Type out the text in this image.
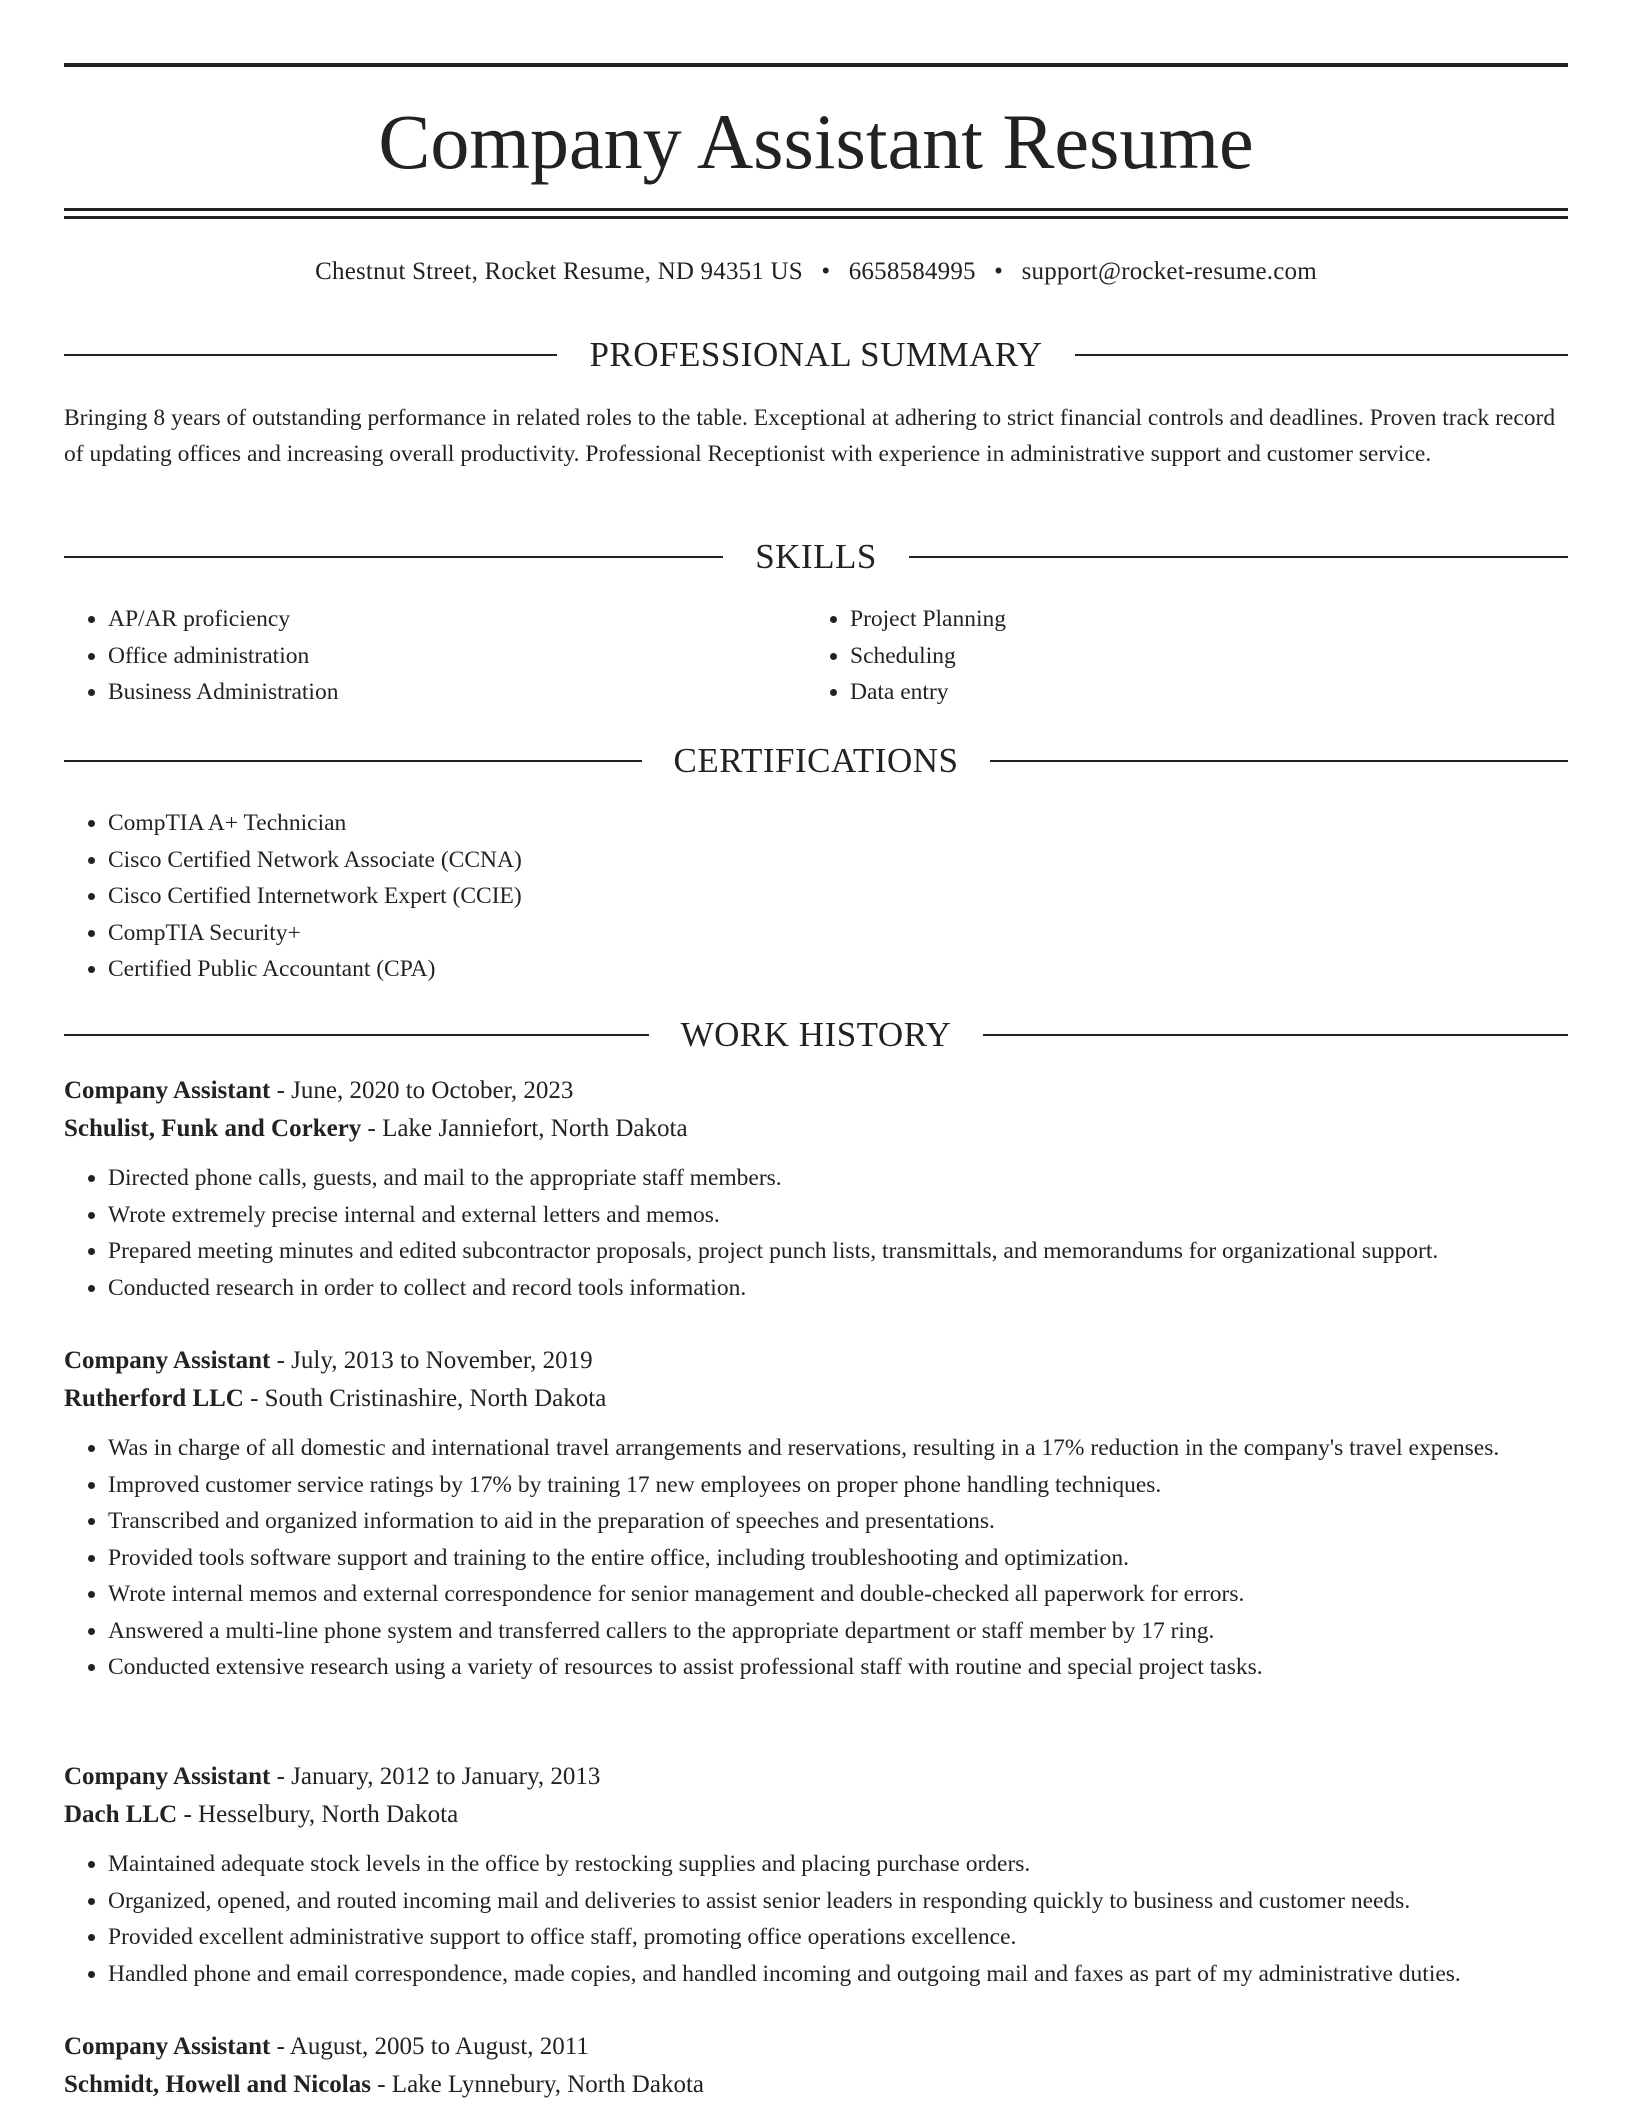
Company Assistant Resume
Chestnut Street, Rocket Resume, ND 94351 US • 6658584995 • support@rocket-resume.com
PROFESSIONAL SUMMARY

Bringing 8 years of outstanding performance in related roles to the table. Exceptional at adhering to strict financial controls and deadlines. Proven track record of updating offices and increasing overall productivity. Professional Receptionist with experience in administrative support and customer service.

SKILLS
• AP/AR proficiency
• Office administration
• Business Administration
• Project Planning
• Scheduling
• Data entry
CERTIFICATIONS
• CompTIA A+ Technician
• Cisco Certified Network Associate (CCNA)
• Cisco Certified Internetwork Expert (CCIE)
• CompTIA Security+
• Certified Public Accountant (CPA)
WORK HISTORY
Company Assistant - June, 2020 to October, 2023
Schulist, Funk and Corkery - Lake Janniefort, North Dakota
• Directed phone calls, guests, and mail to the appropriate staff members.
• Wrote extremely precise internal and external letters and memos.
• Prepared meeting minutes and edited subcontractor proposals, project punch lists, transmittals, and memorandums for organizational support.
• Conducted research in order to collect and record tools information.
Company Assistant - July, 2013 to November, 2019
Rutherford LLC - South Cristinashire, North Dakota
• Was in charge of all domestic and international travel arrangements and reservations, resulting in a 17% reduction in the company's travel expenses.
• Improved customer service ratings by 17% by training 17 new employees on proper phone handling techniques.
• Transcribed and organized information to aid in the preparation of speeches and presentations.
• Provided tools software support and training to the entire office, including troubleshooting and optimization.
• Wrote internal memos and external correspondence for senior management and double-checked all paperwork for errors.
• Answered a multi-line phone system and transferred callers to the appropriate department or staff member by 17 ring.
• Conducted extensive research using a variety of resources to assist professional staff with routine and special project tasks.
Company Assistant - January, 2012 to January, 2013
Dach LLC - Hesselbury, North Dakota
• Maintained adequate stock levels in the office by restocking supplies and placing purchase orders.
• Organized, opened, and routed incoming mail and deliveries to assist senior leaders in responding quickly to business and customer needs.
• Provided excellent administrative support to office staff, promoting office operations excellence.
• Handled phone and email correspondence, made copies, and handled incoming and outgoing mail and faxes as part of my administrative duties.
Company Assistant - August, 2005 to August, 2011
Schmidt, Howell and Nicolas - Lake Lynnebury, North Dakota
